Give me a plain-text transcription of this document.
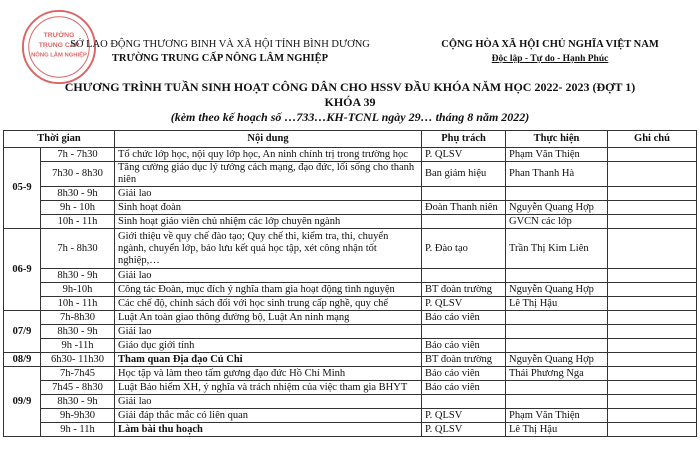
TRƯỜNG
TRUNG CẤP
NÔNG LÂM NGHIỆP
SỞ LAO ĐỘNG THƯƠNG BINH VÀ XÃ HỘI TỈNH BÌNH DƯƠNG
TRƯỜNG TRUNG CẤP NÔNG LÂM NGHIỆP
CỘNG HÒA XÃ HỘI CHỦ NGHĨA VIỆT NAM
Độc lập - Tự do - Hạnh Phúc
CHƯƠNG TRÌNH TUẦN SINH HOẠT CÔNG DÂN CHO HSSV ĐẦU KHÓA NĂM HỌC 2022- 2023 (ĐỢT 1)
KHÓA 39
(kèm theo kế hoạch số …733…KH-TCNL ngày 29… tháng 8 năm 2022)
Thời gian		Nội dung	Phụ trách	Thực hiện	Ghi chú
05-9	7h - 7h30	Tổ chức lớp học, nội quy lớp học, An ninh chính trị trong trường học	P. QLSV	Phạm Văn Thiện	
	7h30 - 8h30	Tăng cường giáo dục lý tưởng cách mạng, đạo đức, lối sống cho thanh niên	Ban giám hiệu	Phan Thanh Hà	
	8h30 - 9h	Giải lao			
	9h - 10h	Sinh hoạt đoàn	Đoàn Thanh niên	Nguyễn Quang Hợp	
	10h - 11h	Sinh hoạt giáo viên chủ nhiệm các lớp chuyên ngành		GVCN các lớp	
06-9	7h - 8h30	Giới thiệu về quy chế đào tạo; Quy chế thi, kiểm tra, thi, chuyển ngành, chuyển lớp, bảo lưu kết quả học tập, xét công nhận tốt nghiệp,…	P. Đào tạo	Trần Thị Kim Liên	
	8h30 - 9h	Giải lao			
	9h-10h	Công tác Đoàn, mục đích ý nghĩa tham gia hoạt động tình nguyện	BT đoàn trường	Nguyễn Quang Hợp	
	10h - 11h	Các chế độ, chính sách đối với học sinh trung cấp nghề, quy chế	P. QLSV	Lê Thị Hậu	
07/9	7h-8h30	Luật An toàn giao thông đường bộ, Luật An ninh mạng	Báo cáo viên		
	8h30 - 9h	Giải lao			
	9h -11h	Giáo dục giới tính	Báo cáo viên		
08/9	6h30- 11h30	Tham quan Địa đạo Củ Chi	BT đoàn trường	Nguyễn Quang Hợp	
09/9	7h-7h45	Học tập và làm theo tấm gương đạo đức Hồ Chí Minh	Báo cáo viên	Thái Phương Nga	
	7h45 - 8h30	Luật Bảo hiểm XH, ý nghĩa và trách nhiệm của việc tham gia BHYT	Báo cáo viên		
	8h30 - 9h	Giải lao			
	9h-9h30	Giải đáp thắc mắc có liên quan	P. QLSV	Phạm Văn Thiện	
	9h - 11h	Làm bài thu hoạch	P. QLSV	Lê Thị Hậu	
